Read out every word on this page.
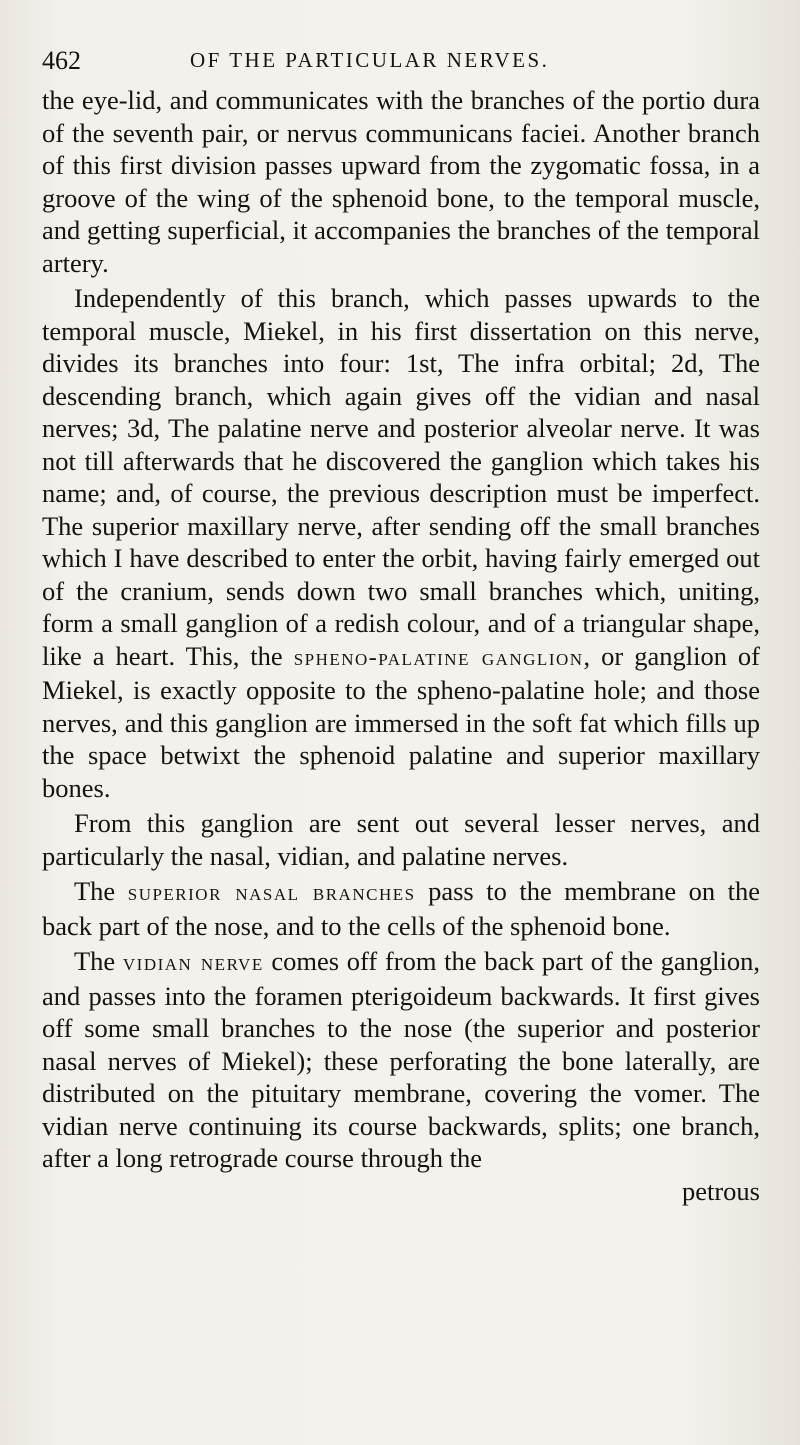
462	OF THE PARTICULAR NERVES.

the eye-lid, and communicates with the branches of the portio dura of the seventh pair, or nervus communicans faciei. Another branch of this first division passes upward from the zygomatic fossa, in a groove of the wing of the sphenoid bone, to the temporal muscle, and getting superficial, it accompanies the branches of the temporal artery.

Independently of this branch, which passes upwards to the temporal muscle, Miekel, in his first dissertation on this nerve, divides its branches into four: 1st, The infra orbital; 2d, The descending branch, which again gives off the vidian and nasal nerves; 3d, The palatine nerve and posterior alveolar nerve. It was not till afterwards that he discovered the ganglion which takes his name; and, of course, the previous description must be imperfect. The superior maxillary nerve, after sending off the small branches which I have described to enter the orbit, having fairly emerged out of the cranium, sends down two small branches which, uniting, form a small ganglion of a redish colour, and of a triangular shape, like a heart. This, the spheno-palatine ganglion, or ganglion of Miekel, is exactly opposite to the spheno-palatine hole; and those nerves, and this ganglion are immersed in the soft fat which fills up the space betwixt the sphenoid palatine and superior maxillary bones.

From this ganglion are sent out several lesser nerves, and particularly the nasal, vidian, and palatine nerves.

The superior nasal branches pass to the membrane on the back part of the nose, and to the cells of the sphenoid bone.

The vidian nerve comes off from the back part of the ganglion, and passes into the foramen pterigoideum backwards. It first gives off some small branches to the nose (the superior and posterior nasal nerves of Miekel); these perforating the bone laterally, are distributed on the pituitary membrane, covering the vomer. The vidian nerve continuing its course backwards, splits; one branch, after a long retrograde course through the

petrous
